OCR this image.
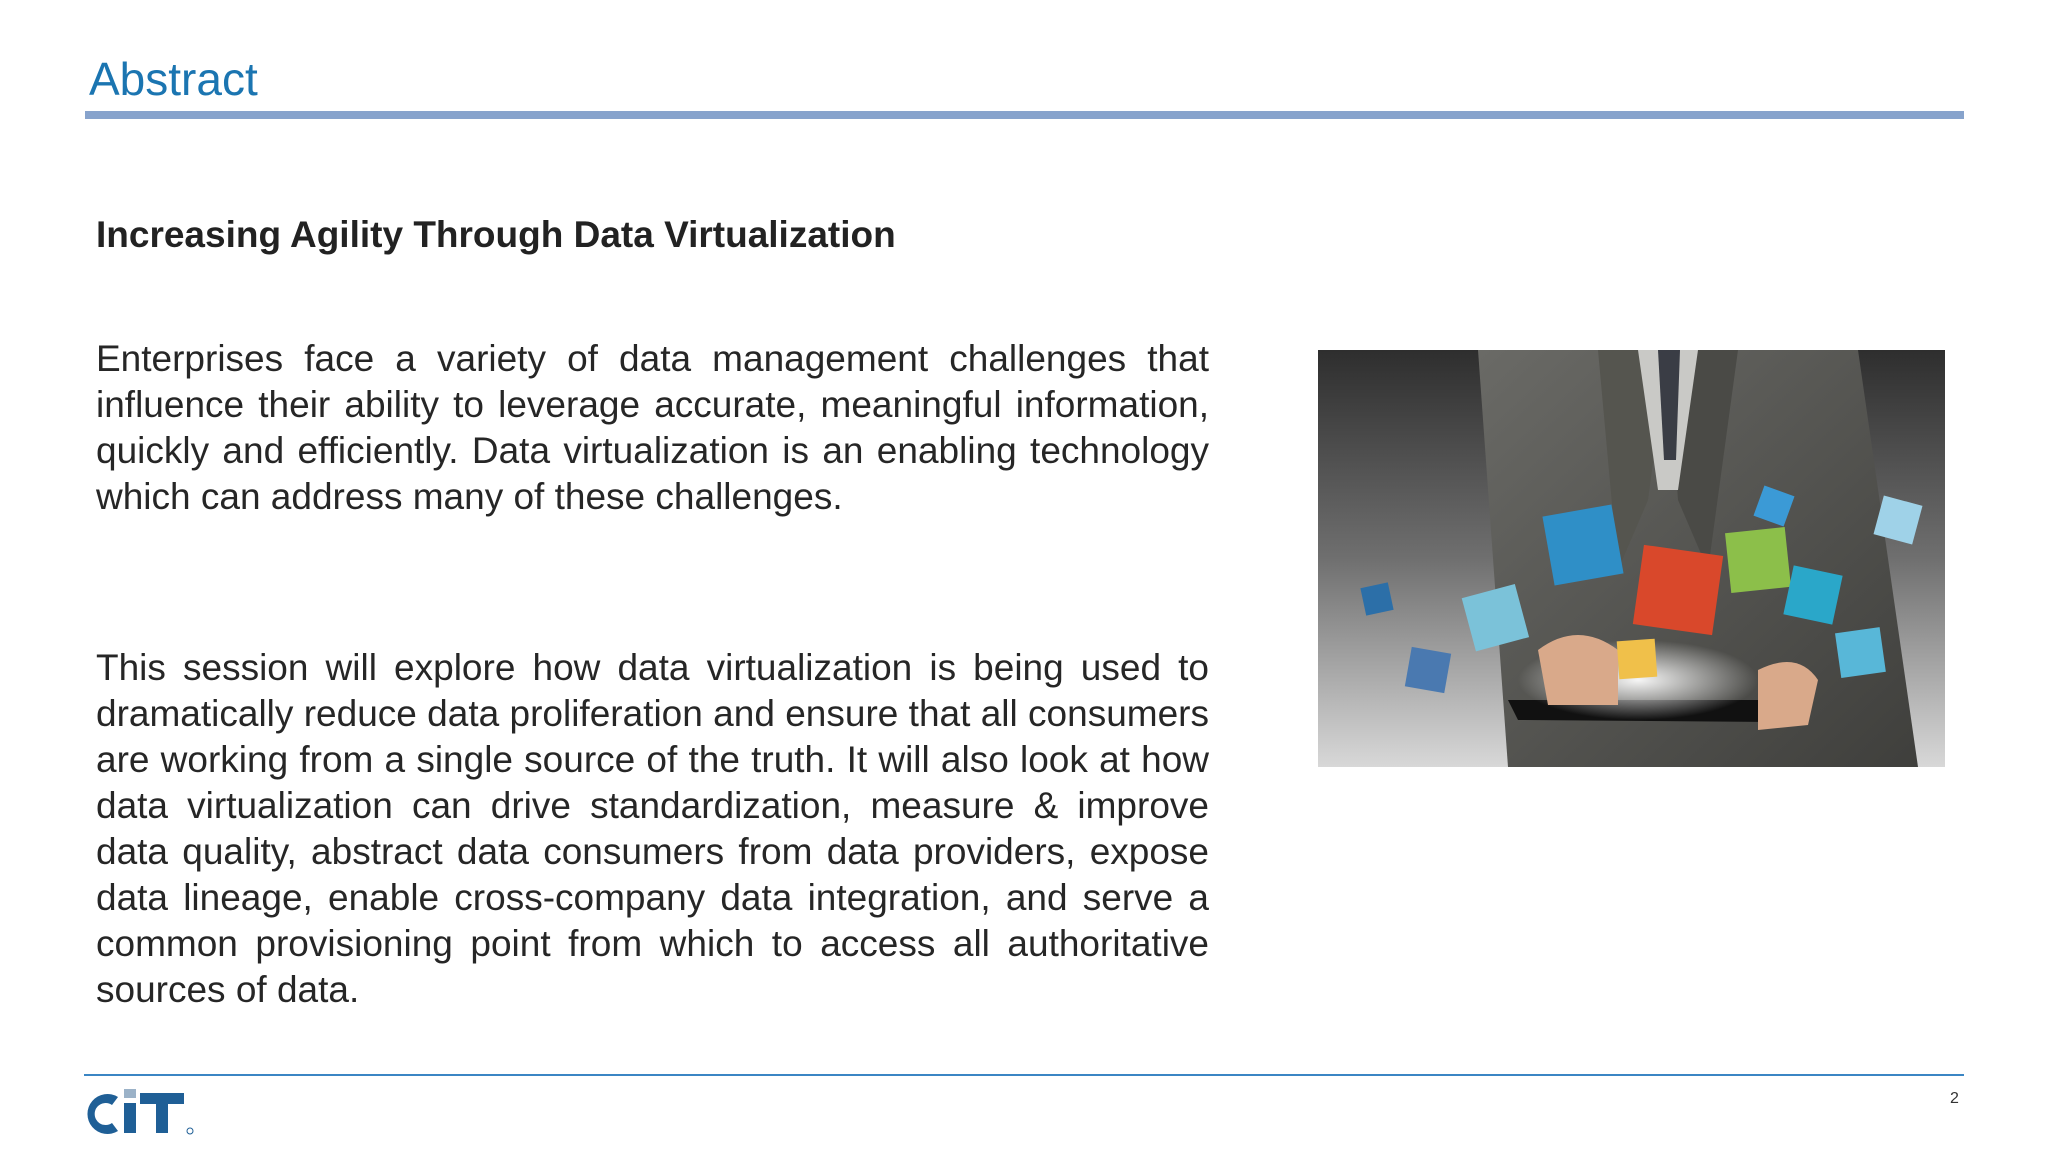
Abstract
Increasing Agility Through Data Virtualization
Enterprises face a variety of data management challenges that influence their ability to leverage accurate, meaningful information, quickly and efficiently. Data virtualization is an enabling technology which can address many of these challenges.
This session will explore how data virtualization is being used to dramatically reduce data proliferation and ensure that all consumers are working from a single source of the truth. It will also look at how data virtualization can drive standardization, measure & improve data quality, abstract data consumers from data providers, expose data lineage, enable cross-company data integration, and serve a common provisioning point from which to access all authoritative sources of data.
2
